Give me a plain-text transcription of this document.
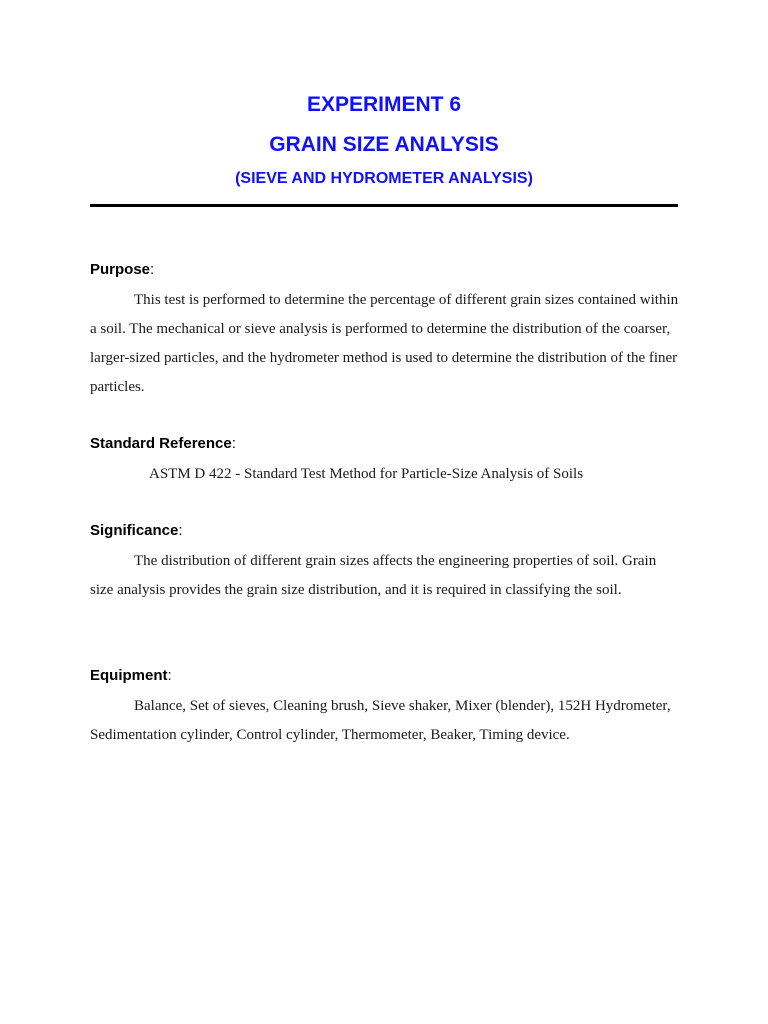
EXPERIMENT 6
GRAIN SIZE ANALYSIS
(SIEVE AND HYDROMETER ANALYSIS)
Purpose:
This test is performed to determine the percentage of different grain sizes contained within a soil. The mechanical or sieve analysis is performed to determine the distribution of the coarser, larger-sized particles, and the hydrometer method is used to determine the distribution of the finer particles.
Standard Reference:
ASTM D 422 - Standard Test Method for Particle-Size Analysis of Soils
Significance:
The distribution of different grain sizes affects the engineering properties of soil. Grain size analysis provides the grain size distribution, and it is required in classifying the soil.
Equipment:
Balance, Set of sieves, Cleaning brush, Sieve shaker, Mixer (blender), 152H Hydrometer, Sedimentation cylinder, Control cylinder, Thermometer, Beaker, Timing device.
